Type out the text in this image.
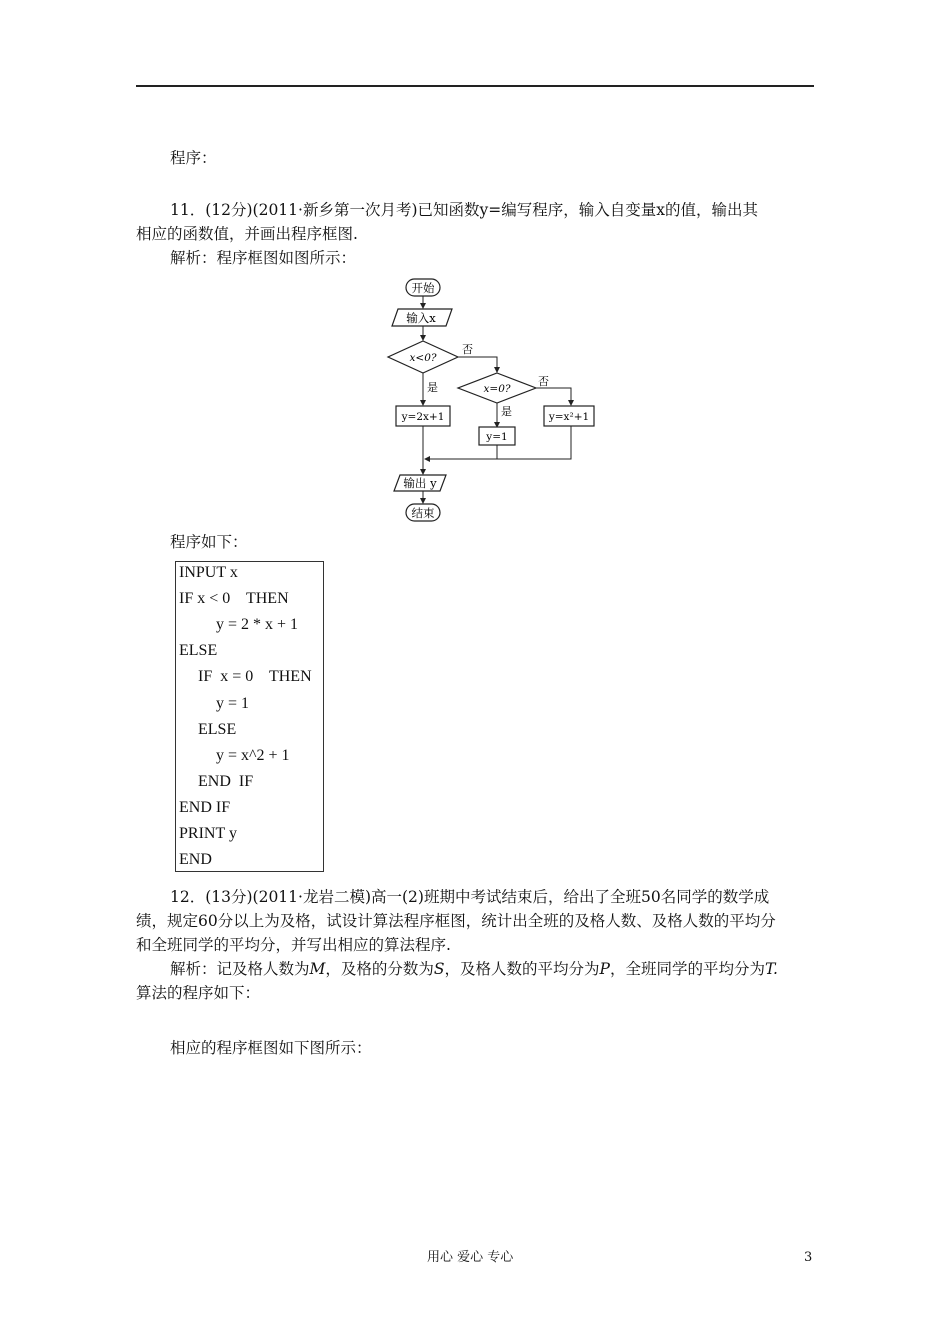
程序：
11．(12分)(2011·新乡第一次月考)已知函数y=编写程序，输入自变量x的值，输出其
相应的函数值，并画出程序框图.
解析：程序框图如图所示：
开始
输入x
x<0?
否
是
y=2x+1
x=0?
否
是
y=1
y=x²+1
输出 y
结束
程序如下：
INPUT x
IF x < 0    THEN
y = 2 * x + 1
ELSE
IF  x = 0    THEN
y = 1
ELSE
y = x^2 + 1
END  IF
END IF
PRINT y
END
12．(13分)(2011·龙岩二模)高一(2)班期中考试结束后，给出了全班50名同学的数学成
绩，规定60分以上为及格，试设计算法程序框图，统计出全班的及格人数、及格人数的平均分
和全班同学的平均分，并写出相应的算法程序.
解析：记及格人数为M，及格的分数为S，及格人数的平均分为P，全班同学的平均分为T.
算法的程序如下：
相应的程序框图如下图所示：
用心 爱心 专心	3
